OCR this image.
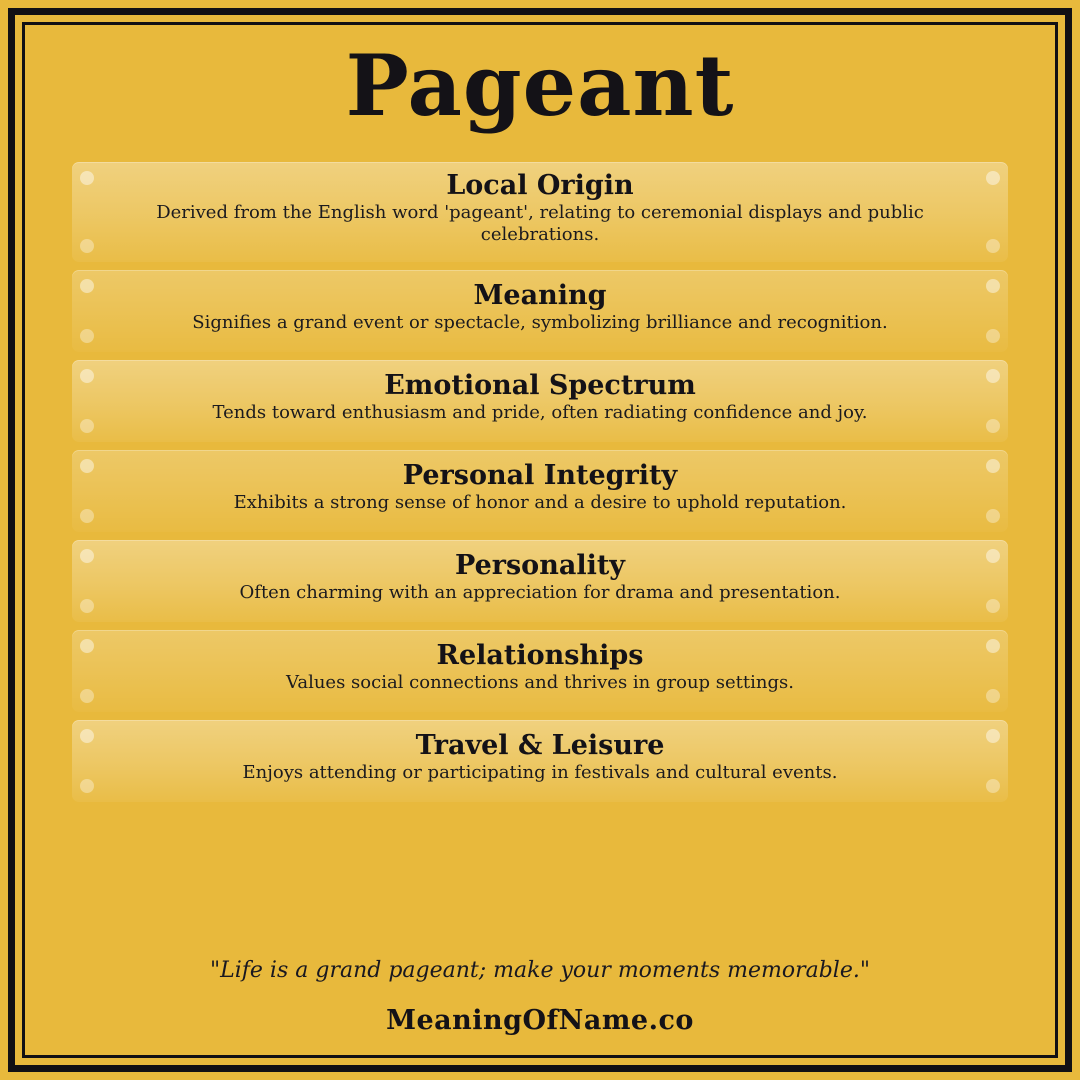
Pageant
Local Origin
Derived from the English word 'pageant', relating to ceremonial displays and public celebrations.
Meaning
Signifies a grand event or spectacle, symbolizing brilliance and recognition.
Emotional Spectrum
Tends toward enthusiasm and pride, often radiating confidence and joy.
Personal Integrity
Exhibits a strong sense of honor and a desire to uphold reputation.
Personality
Often charming with an appreciation for drama and presentation.
Relationships
Values social connections and thrives in group settings.
Travel & Leisure
Enjoys attending or participating in festivals and cultural events.
"Life is a grand pageant; make your moments memorable."
MeaningOfName.co
